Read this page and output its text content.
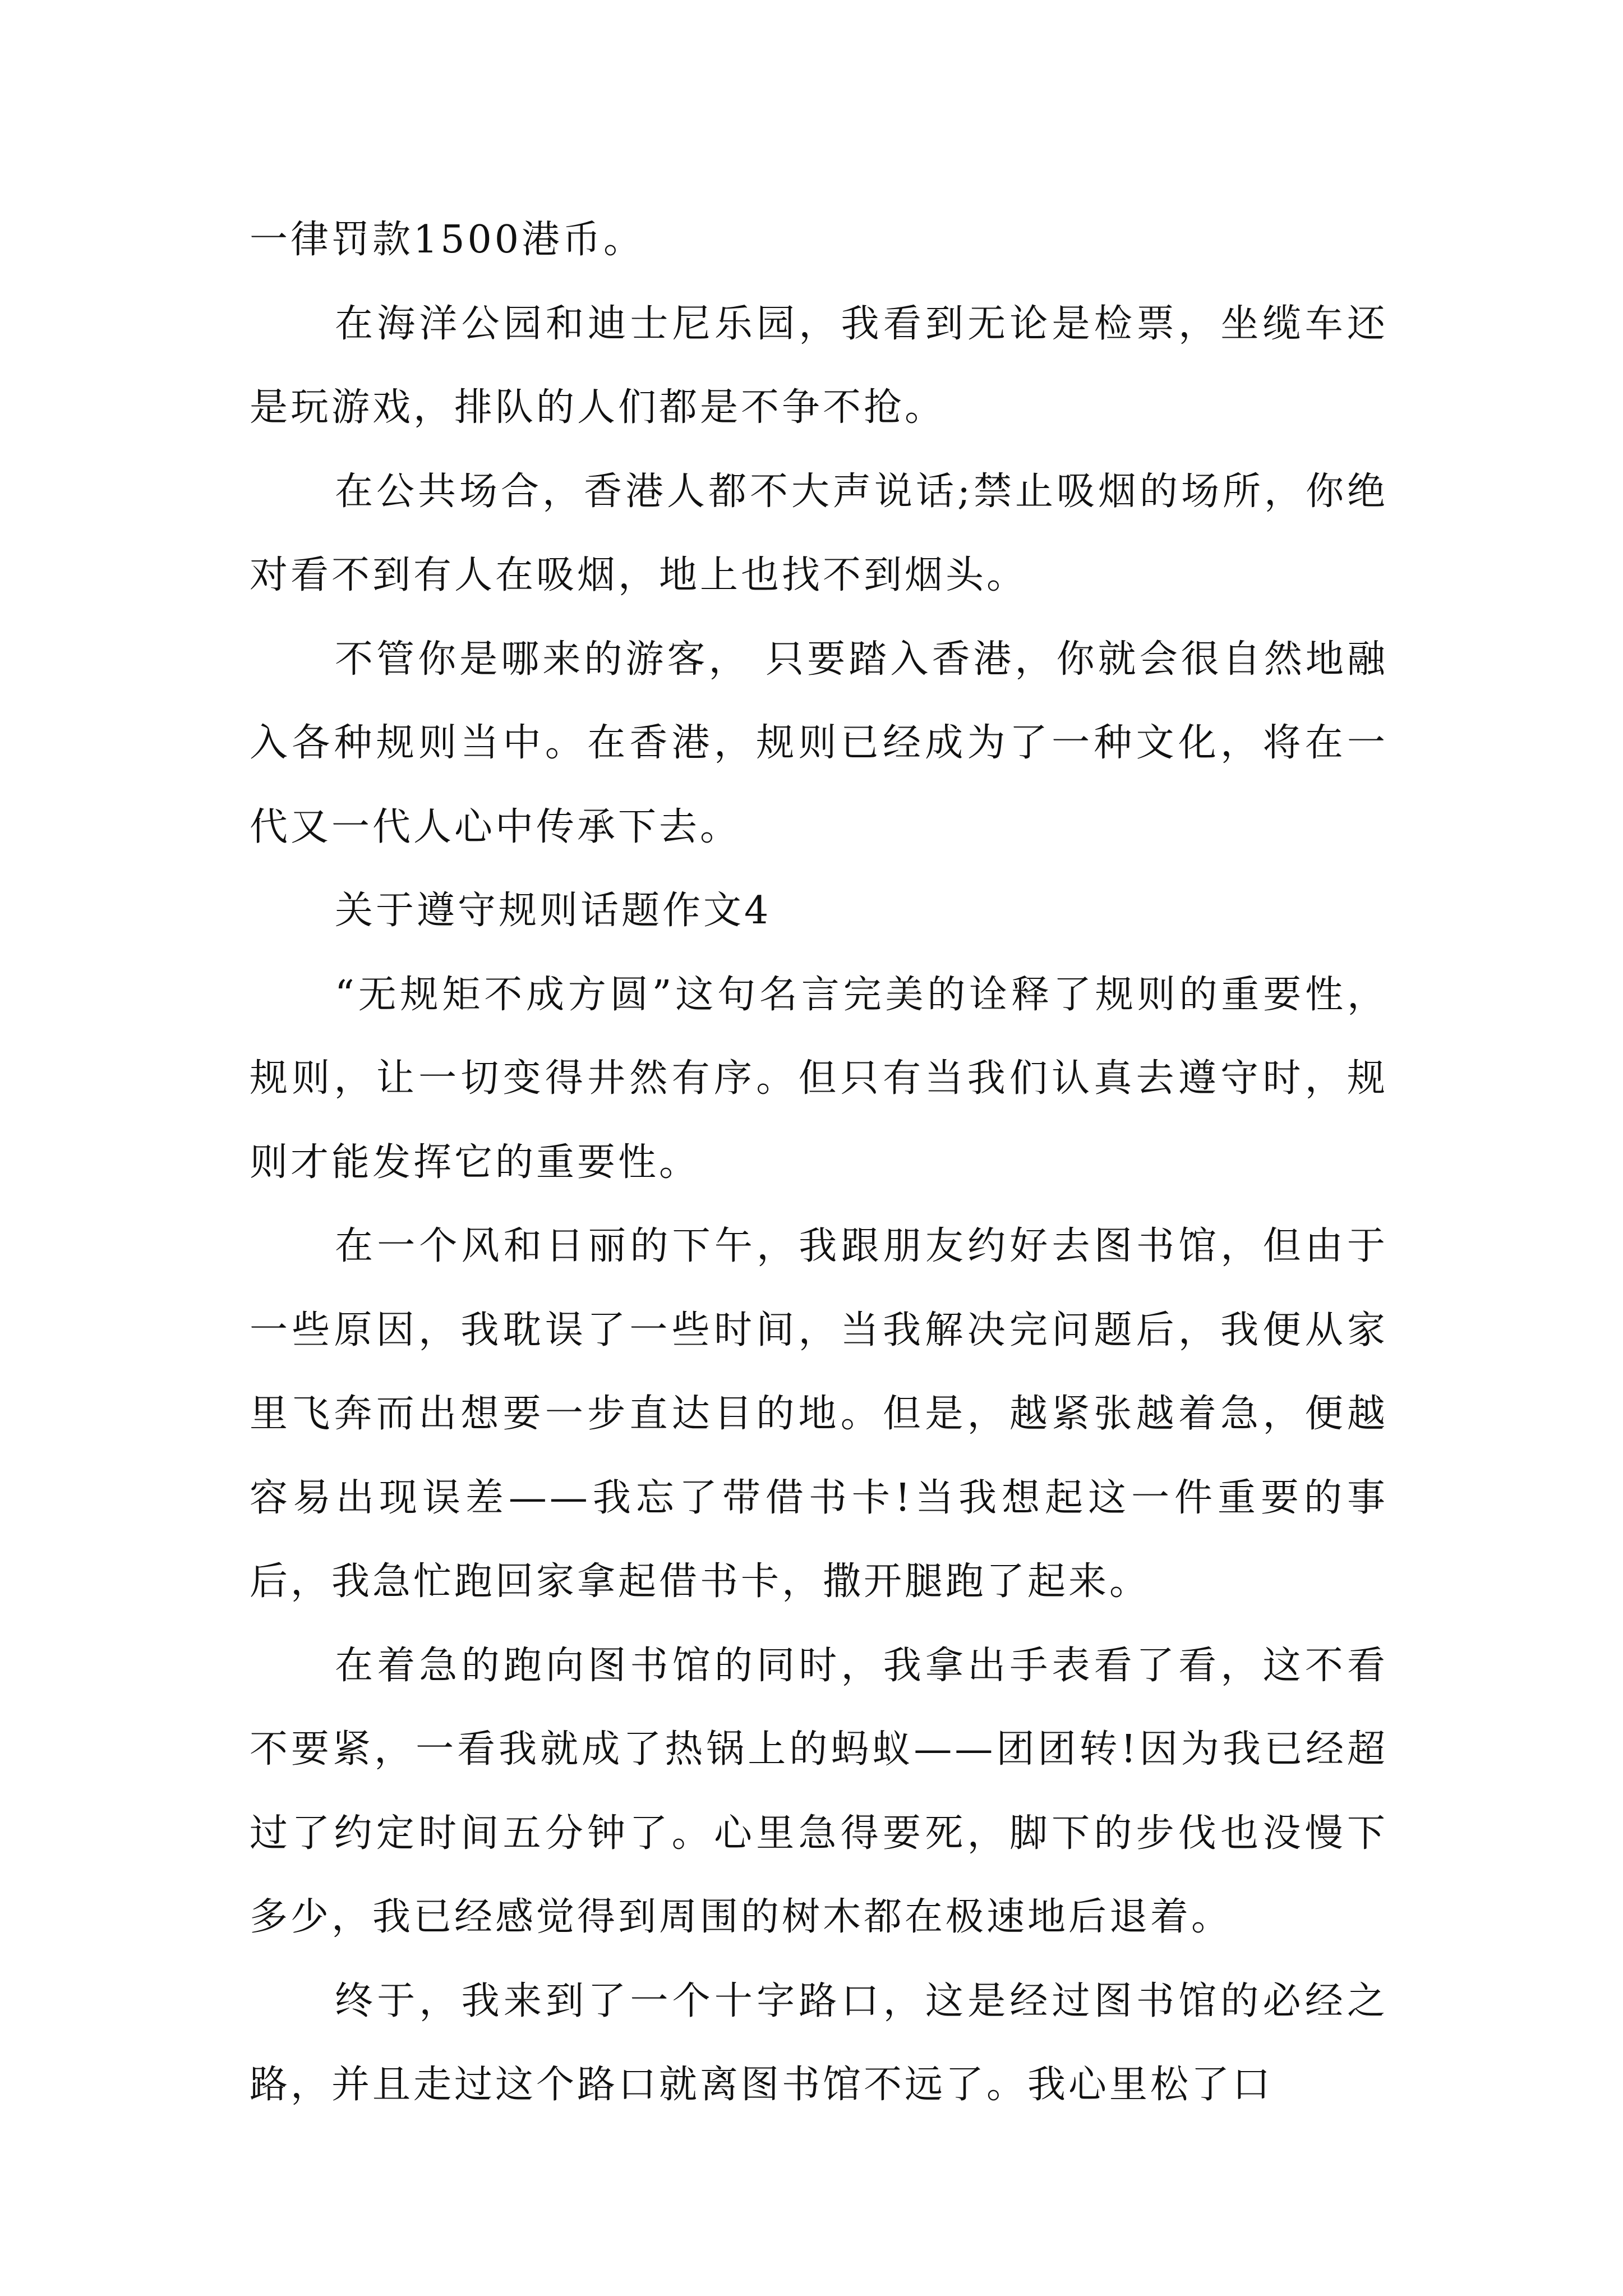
一律罚款1500港币。

在海洋公园和迪士尼乐园，我看到无论是检票，坐缆车还是玩游戏，排队的人们都是不争不抢。

在公共场合，香港人都不大声说话;禁止吸烟的场所，你绝对看不到有人在吸烟，地上也找不到烟头。

不管你是哪来的游客， 只要踏入香港，你就会很自然地融入各种规则当中。在香港，规则已经成为了一种文化，将在一代又一代人心中传承下去。

关于遵守规则话题作文4

“无规矩不成方圆”这句名言完美的诠释了规则的重要性，规则，让一切变得井然有序。但只有当我们认真去遵守时，规则才能发挥它的重要性。

在一个风和日丽的下午，我跟朋友约好去图书馆，但由于一些原因，我耽误了一些时间，当我解决完问题后，我便从家里飞奔而出想要一步直达目的地。但是，越紧张越着急，便越容易出现误差——我忘了带借书卡!当我想起这一件重要的事后，我急忙跑回家拿起借书卡，撒开腿跑了起来。

在着急的跑向图书馆的同时，我拿出手表看了看，这不看不要紧，一看我就成了热锅上的蚂蚁——团团转!因为我已经超过了约定时间五分钟了。心里急得要死，脚下的步伐也没慢下多少，我已经感觉得到周围的树木都在极速地后退着。

终于，我来到了一个十字路口，这是经过图书馆的必经之路，并且走过这个路口就离图书馆不远了。我心里松了口
